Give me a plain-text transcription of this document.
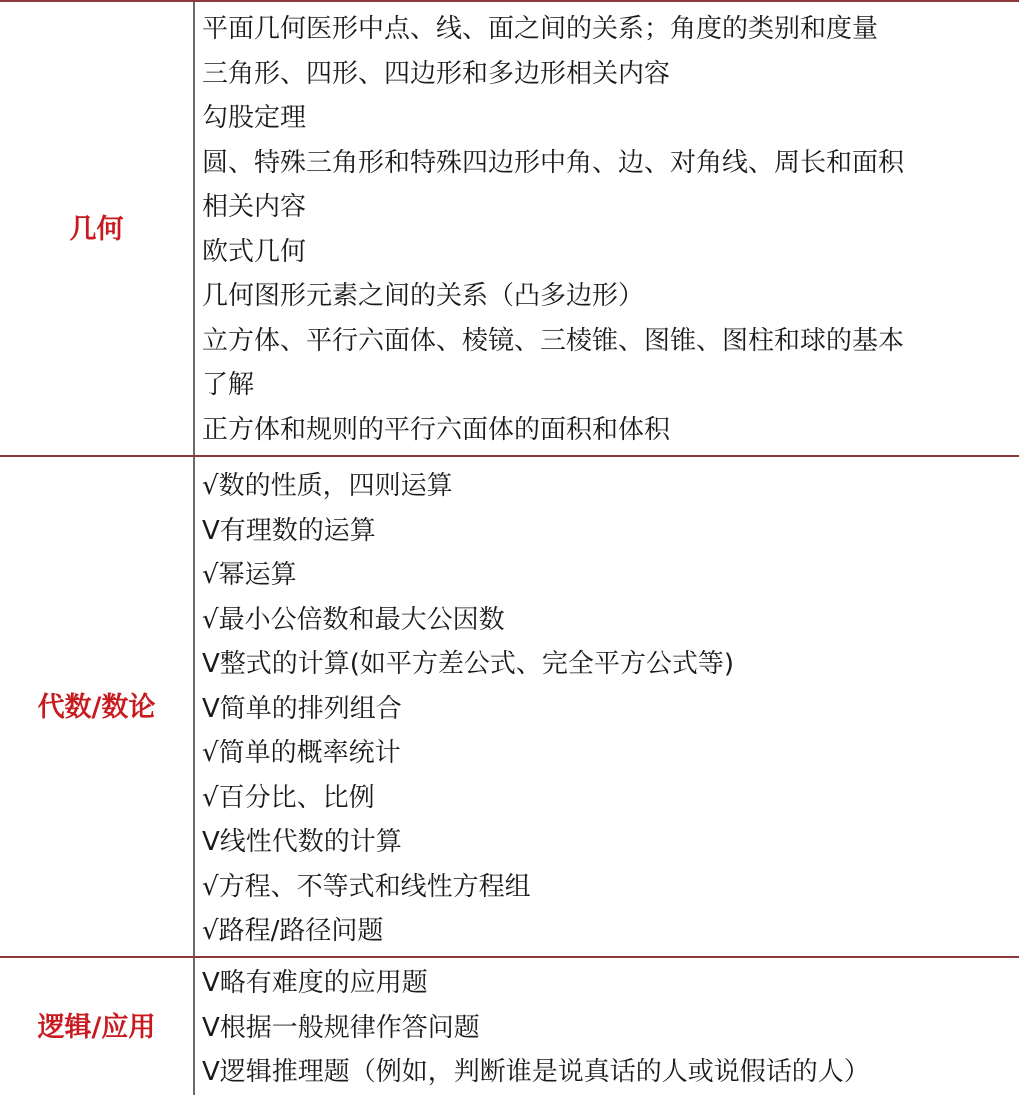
几何
平面几何医形中点、线、面之间的关系；角度的类别和度量
三角形、四形、四边形和多边形相关内容
勾股定理
圆、特殊三角形和特殊四边形中角、边、对角线、周长和面积
相关内容
欧式几何
几何图形元素之间的关系（凸多边形）
立方体、平行六面体、棱镜、三棱锥、图锥、图柱和球的基本
了解
正方体和规则的平行六面体的面积和体积
代数/数论
√数的性质，四则运算
V有理数的运算
√幂运算
√最小公倍数和最大公因数
V整式的计算(如平方差公式、完全平方公式等)
V简单的排列组合
√简单的概率统计
√百分比、比例
V线性代数的计算
√方程、不等式和线性方程组
√路程/路径问题
逻辑/应用
V略有难度的应用题
V根据一般规律作答问题
V逻辑推理题（例如，判断谁是说真话的人或说假话的人）
